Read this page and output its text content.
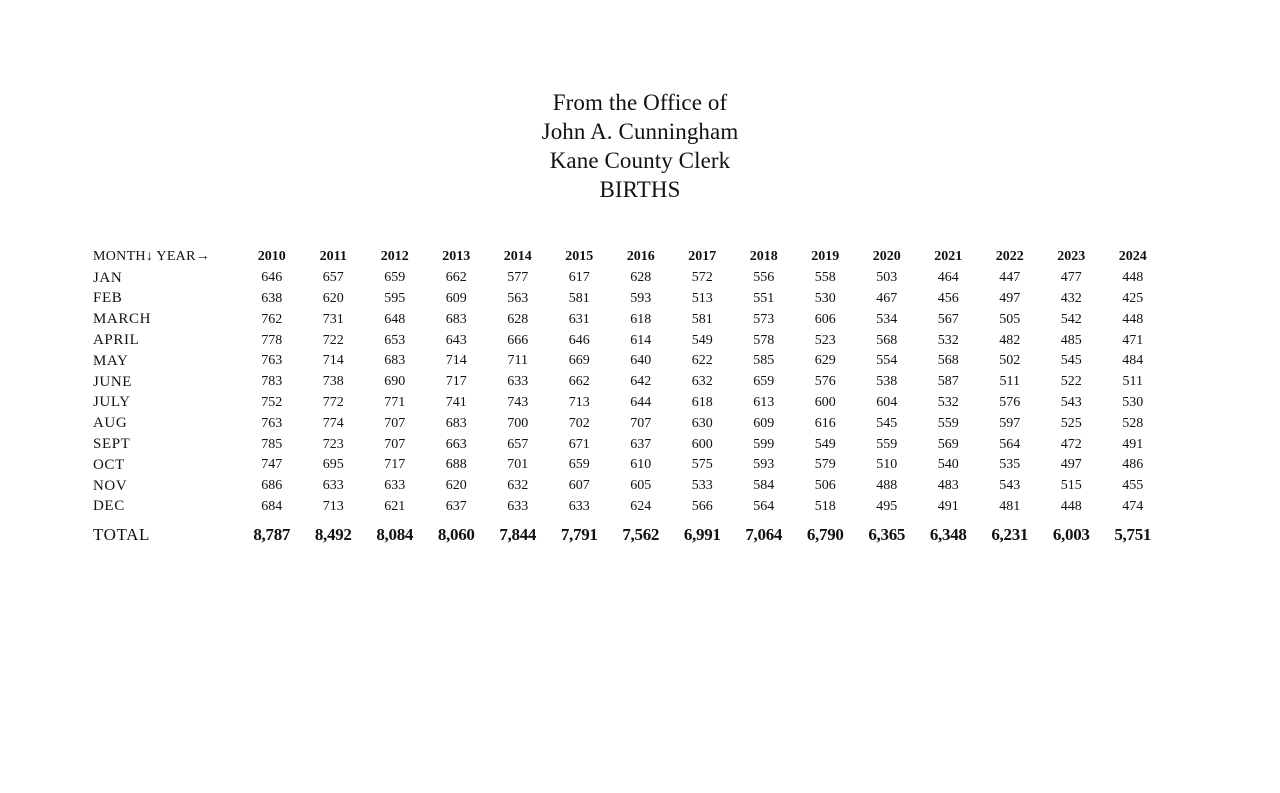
From the Office of
John A. Cunningham
Kane County Clerk
BIRTHS
MONTH↓ YEAR→	2010	2011	2012	2013	2014	2015	2016	2017	2018	2019	2020	2021	2022	2023	2024
JAN	646	657	659	662	577	617	628	572	556	558	503	464	447	477	448
FEB	638	620	595	609	563	581	593	513	551	530	467	456	497	432	425
MARCH	762	731	648	683	628	631	618	581	573	606	534	567	505	542	448
APRIL	778	722	653	643	666	646	614	549	578	523	568	532	482	485	471
MAY	763	714	683	714	711	669	640	622	585	629	554	568	502	545	484
JUNE	783	738	690	717	633	662	642	632	659	576	538	587	511	522	511
JULY	752	772	771	741	743	713	644	618	613	600	604	532	576	543	530
AUG	763	774	707	683	700	702	707	630	609	616	545	559	597	525	528
SEPT	785	723	707	663	657	671	637	600	599	549	559	569	564	472	491
OCT	747	695	717	688	701	659	610	575	593	579	510	540	535	497	486
NOV	686	633	633	620	632	607	605	533	584	506	488	483	543	515	455
DEC	684	713	621	637	633	633	624	566	564	518	495	491	481	448	474
TOTAL	8,787	8,492	8,084	8,060	7,844	7,791	7,562	6,991	7,064	6,790	6,365	6,348	6,231	6,003	5,751
